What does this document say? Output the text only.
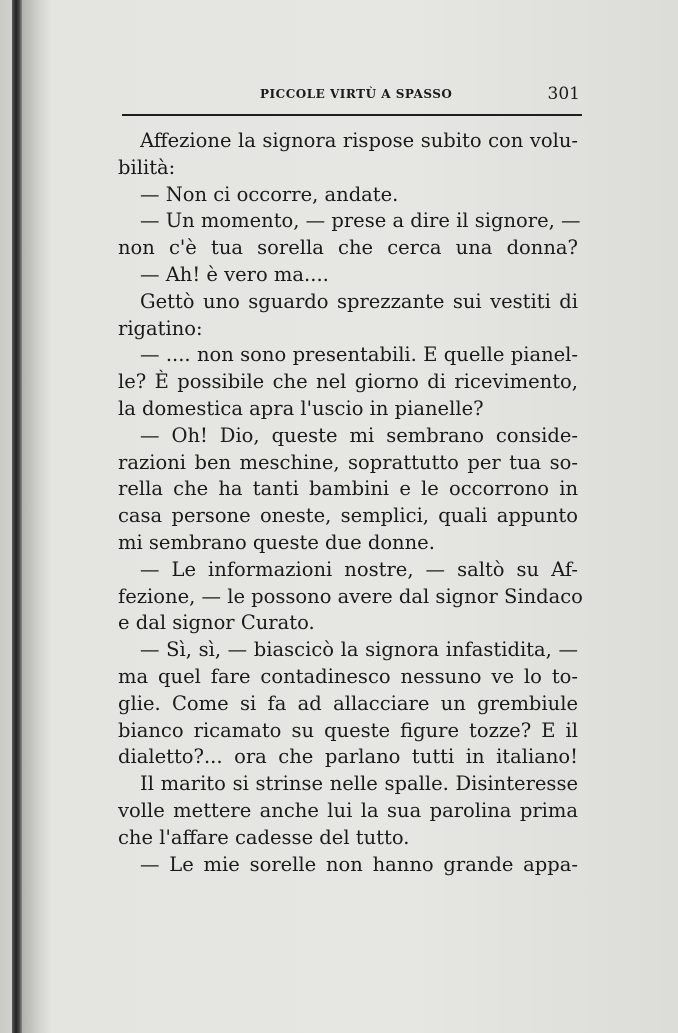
PICCOLE VIRTÙ A SPASSO	301
Affezione la signora rispose subito con volu-
bilità:
— Non ci occorre, andate.
— Un momento, — prese a dire il signore, —
non c'è tua sorella che cerca una donna?
— Ah! è vero ma....
Gettò uno sguardo sprezzante sui vestiti di
rigatino:
— .... non sono presentabili. E quelle pianel-
le? È possibile che nel giorno di ricevimento,
la domestica apra l'uscio in pianelle?
— Oh! Dio, queste mi sembrano conside-
razioni ben meschine, soprattutto per tua so-
rella che ha tanti bambini e le occorrono in
casa persone oneste, semplici, quali appunto
mi sembrano queste due donne.
— Le informazioni nostre, — saltò su Af-
fezione, — le possono avere dal signor Sindaco
e dal signor Curato.
— Sì, sì, — biascicò la signora infastidita, —
ma quel fare contadinesco nessuno ve lo to-
glie. Come si fa ad allacciare un grembiule
bianco ricamato su queste figure tozze? E il
dialetto?... ora che parlano tutti in italiano!
Il marito si strinse nelle spalle. Disinteresse
volle mettere anche lui la sua parolina prima
che l'affare cadesse del tutto.
— Le mie sorelle non hanno grande appa-
